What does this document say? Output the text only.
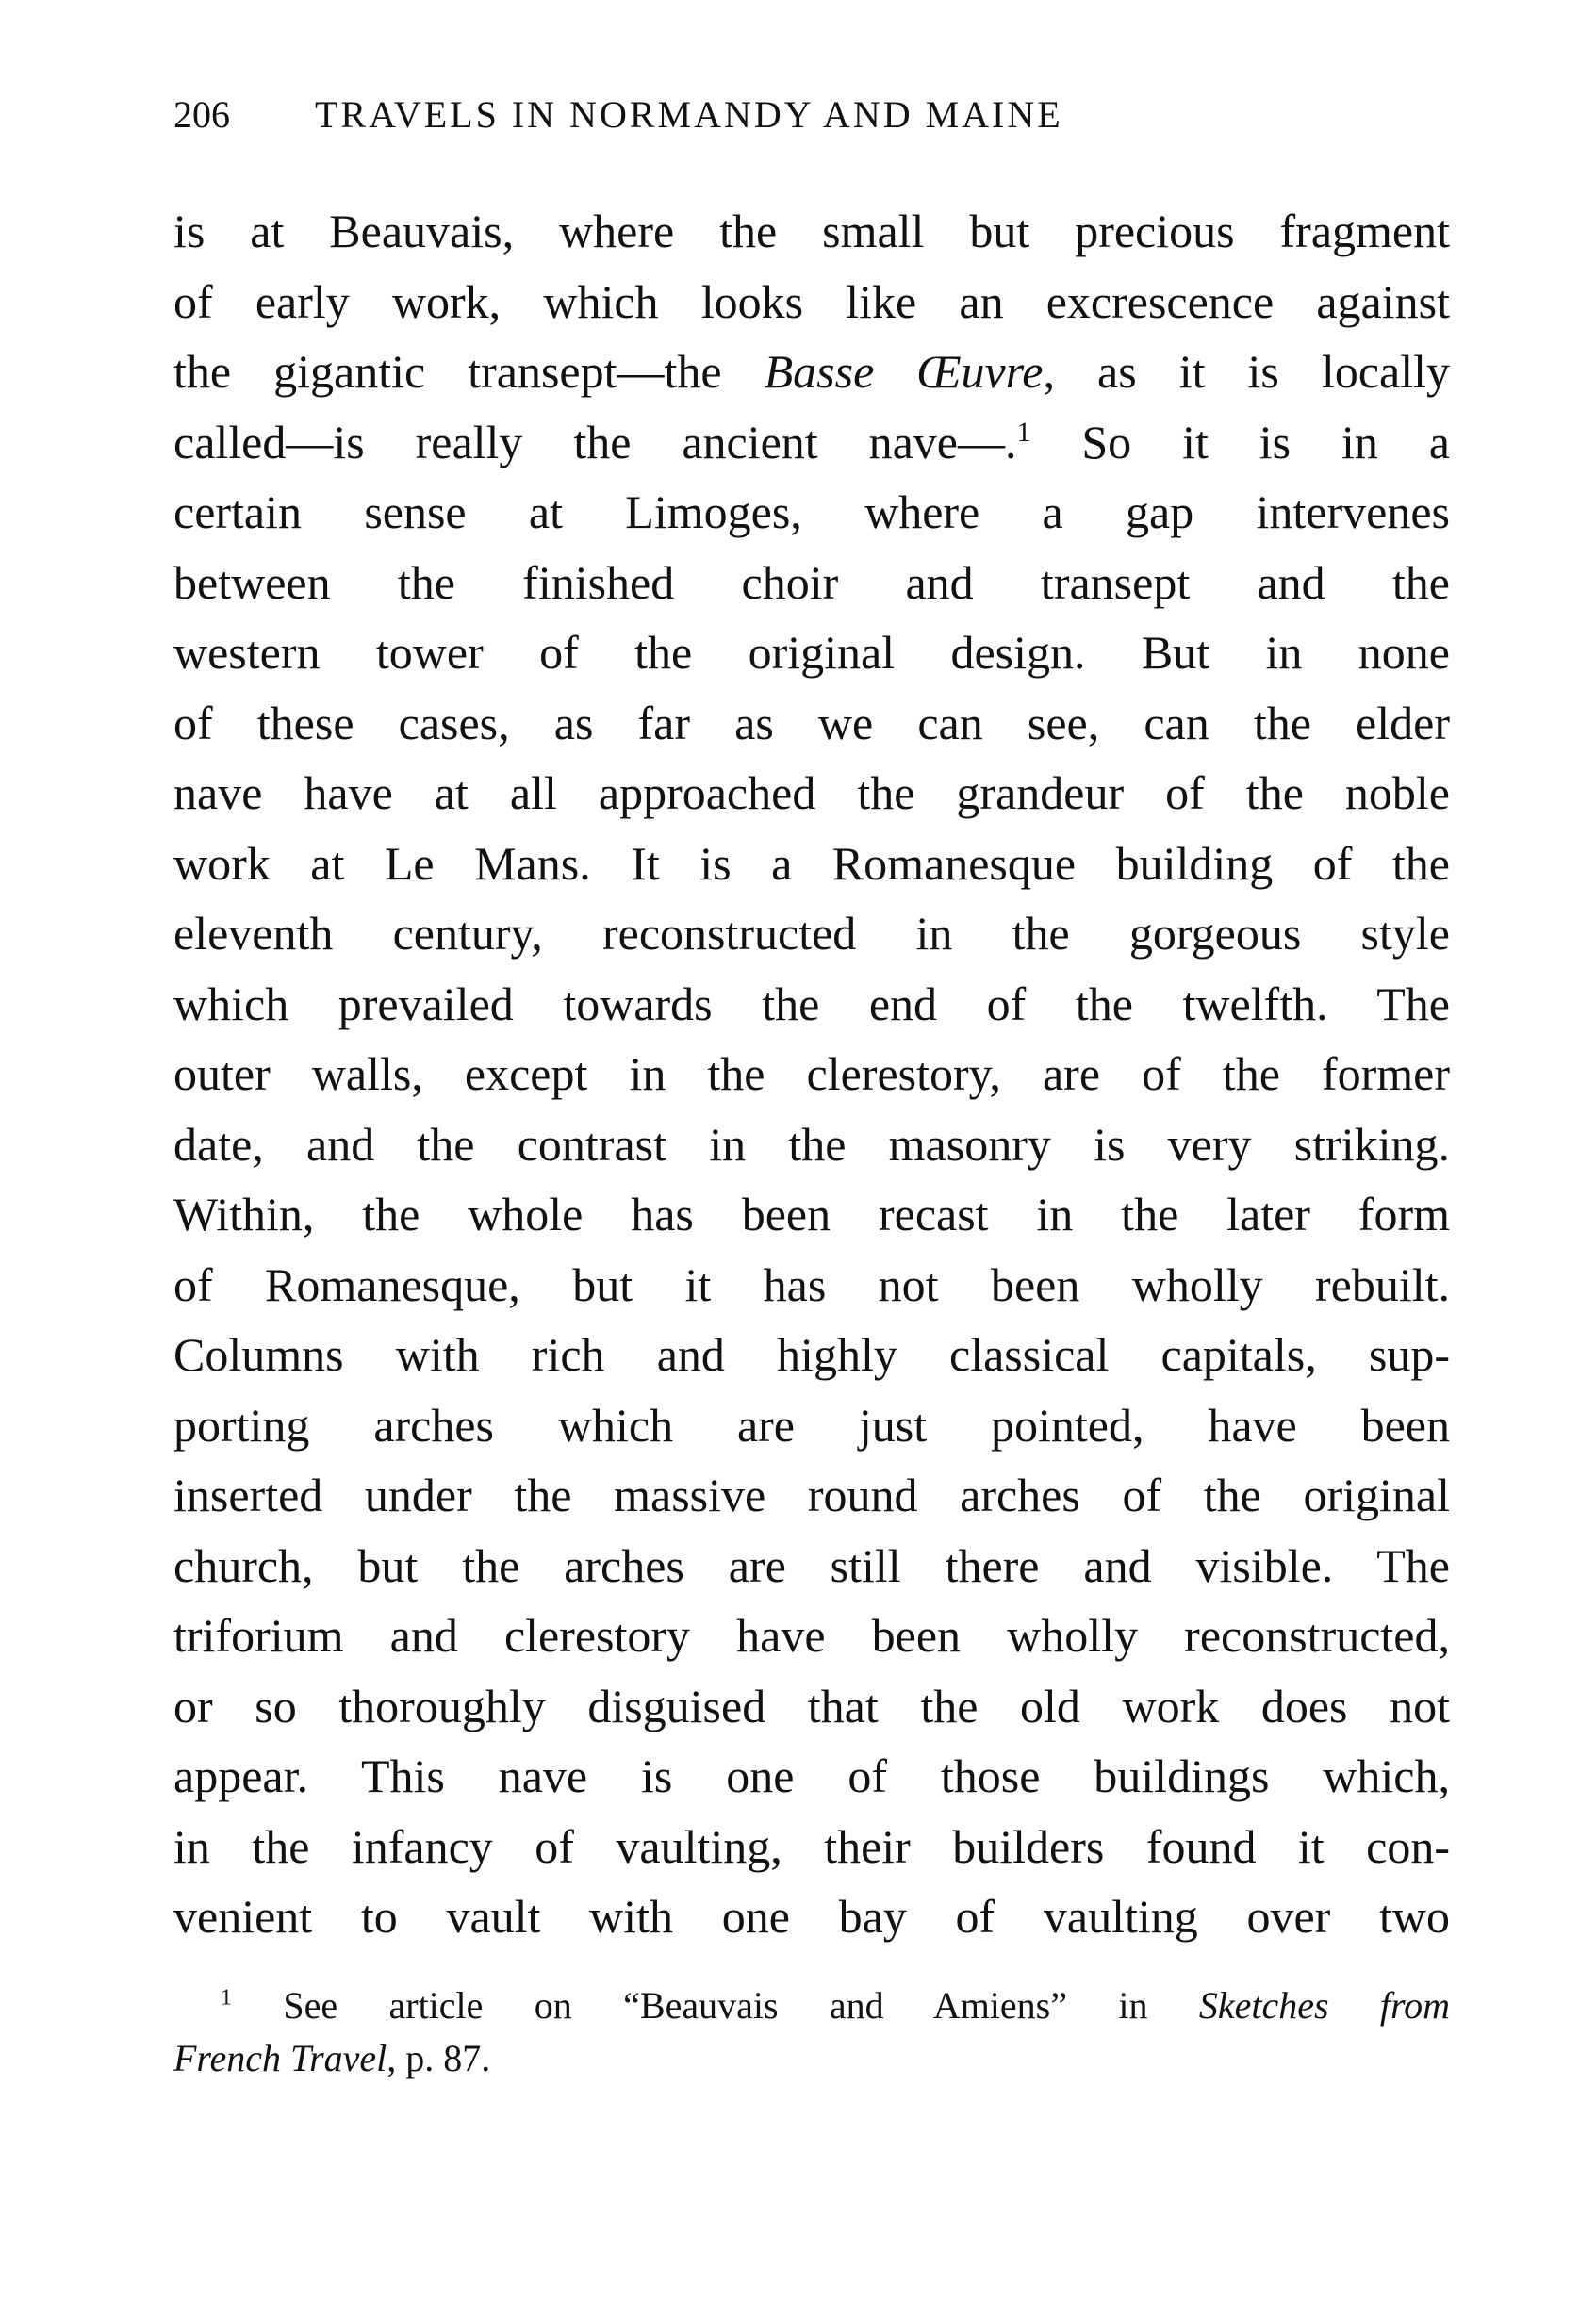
206	TRAVELS IN NORMANDY AND MAINE
is at Beauvais, where the small but precious fragment
of early work, which looks like an excrescence against
the gigantic transept—the Basse Œuvre, as it is locally
called—is really the ancient nave—.$^1$ So it is in a
certain sense at Limoges, where a gap intervenes
between the finished choir and transept and the
western tower of the original design. But in none
of these cases, as far as we can see, can the elder
nave have at all approached the grandeur of the noble
work at Le Mans. It is a Romanesque building of the
eleventh century, reconstructed in the gorgeous style
which prevailed towards the end of the twelfth. The
outer walls, except in the clerestory, are of the former
date, and the contrast in the masonry is very striking.
Within, the whole has been recast in the later form
of Romanesque, but it has not been wholly rebuilt.
Columns with rich and highly classical capitals, sup-
porting arches which are just pointed, have been
inserted under the massive round arches of the original
church, but the arches are still there and visible. The
triforium and clerestory have been wholly reconstructed,
or so thoroughly disguised that the old work does not
appear. This nave is one of those buildings which,
in the infancy of vaulting, their builders found it con-
venient to vault with one bay of vaulting over two
$^1$ See article on “Beauvais and Amiens” in Sketches from
French Travel, p. 87.
